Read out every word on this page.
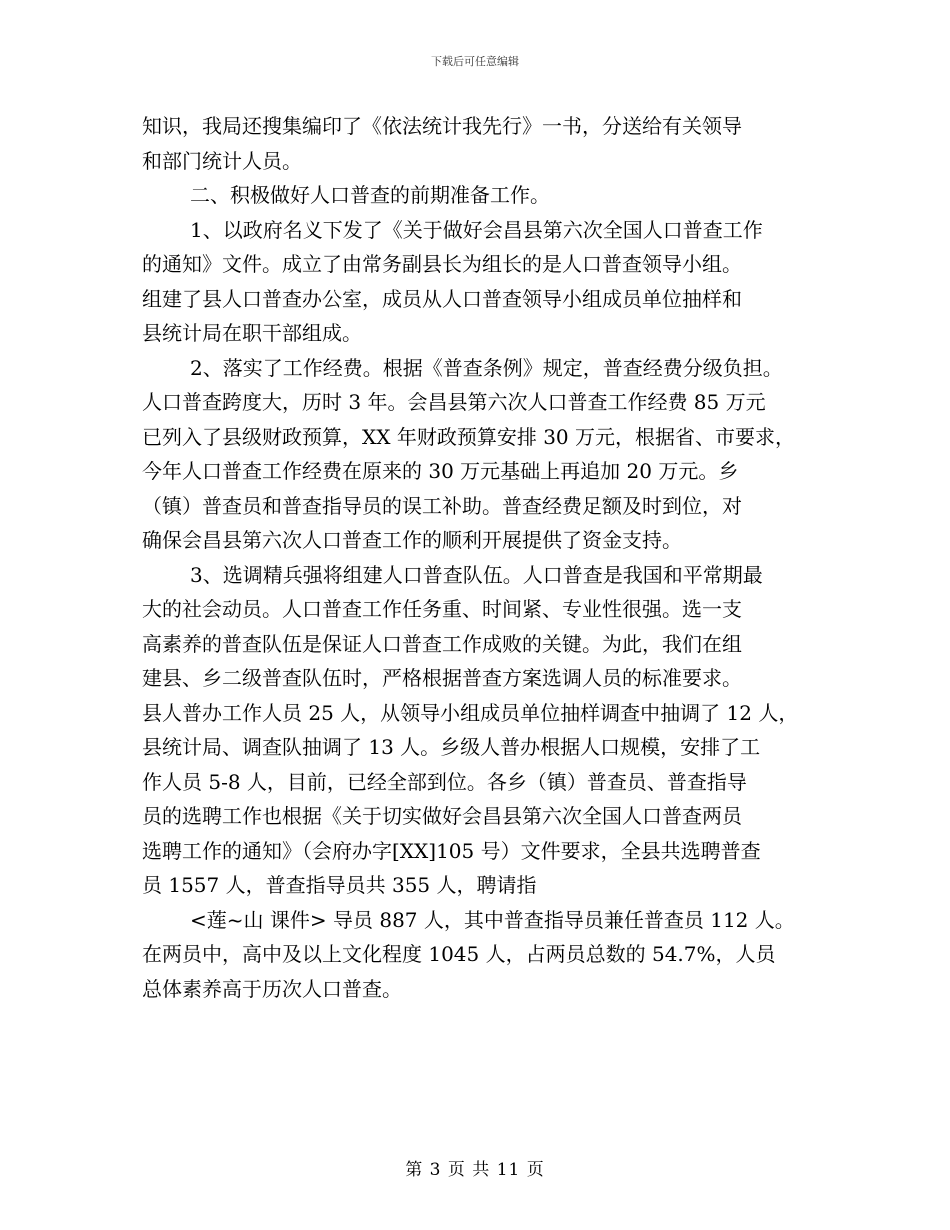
下载后可任意编辑
知识，我局还搜集编印了《依法统计我先行》一书，分送给有关领导
和部门统计人员。
二、积极做好人口普查的前期准备工作。
1、以政府名义下发了《关于做好会昌县第六次全国人口普查工作
的通知》文件。成立了由常务副县长为组长的是人口普查领导小组。
组建了县人口普查办公室，成员从人口普查领导小组成员单位抽样和
县统计局在职干部组成。
2、落实了工作经费。根据《普查条例》规定，普查经费分级负担。
人口普查跨度大，历时 3 年。会昌县第六次人口普查工作经费 85 万元
已列入了县级财政预算，XX 年财政预算安排 30 万元，根据省、市要求，
今年人口普查工作经费在原来的 30 万元基础上再追加 20 万元。乡
（镇）普查员和普查指导员的误工补助。普查经费足额及时到位，对
确保会昌县第六次人口普查工作的顺利开展提供了资金支持。
3、选调精兵强将组建人口普查队伍。人口普查是我国和平常期最
大的社会动员。人口普查工作任务重、时间紧、专业性很强。选一支
高素养的普查队伍是保证人口普查工作成败的关键。为此，我们在组
建县、乡二级普查队伍时，严格根据普查方案选调人员的标准要求。
县人普办工作人员 25 人，从领导小组成员单位抽样调查中抽调了 12 人，
县统计局、调查队抽调了 13 人。乡级人普办根据人口规模，安排了工
作人员 5-8 人，目前，已经全部到位。各乡（镇）普查员、普查指导
员的选聘工作也根据《关于切实做好会昌县第六次全国人口普查两员
选聘工作的通知》（会府办字[XX]105 号）文件要求，全县共选聘普查
员 1557 人，普查指导员共 355 人，聘请指
<莲~山 课件> 导员 887 人，其中普查指导员兼任普查员 112 人。
在两员中，高中及以上文化程度 1045 人，占两员总数的 54.7%，人员
总体素养高于历次人口普查。
第 3 页 共 11 页
